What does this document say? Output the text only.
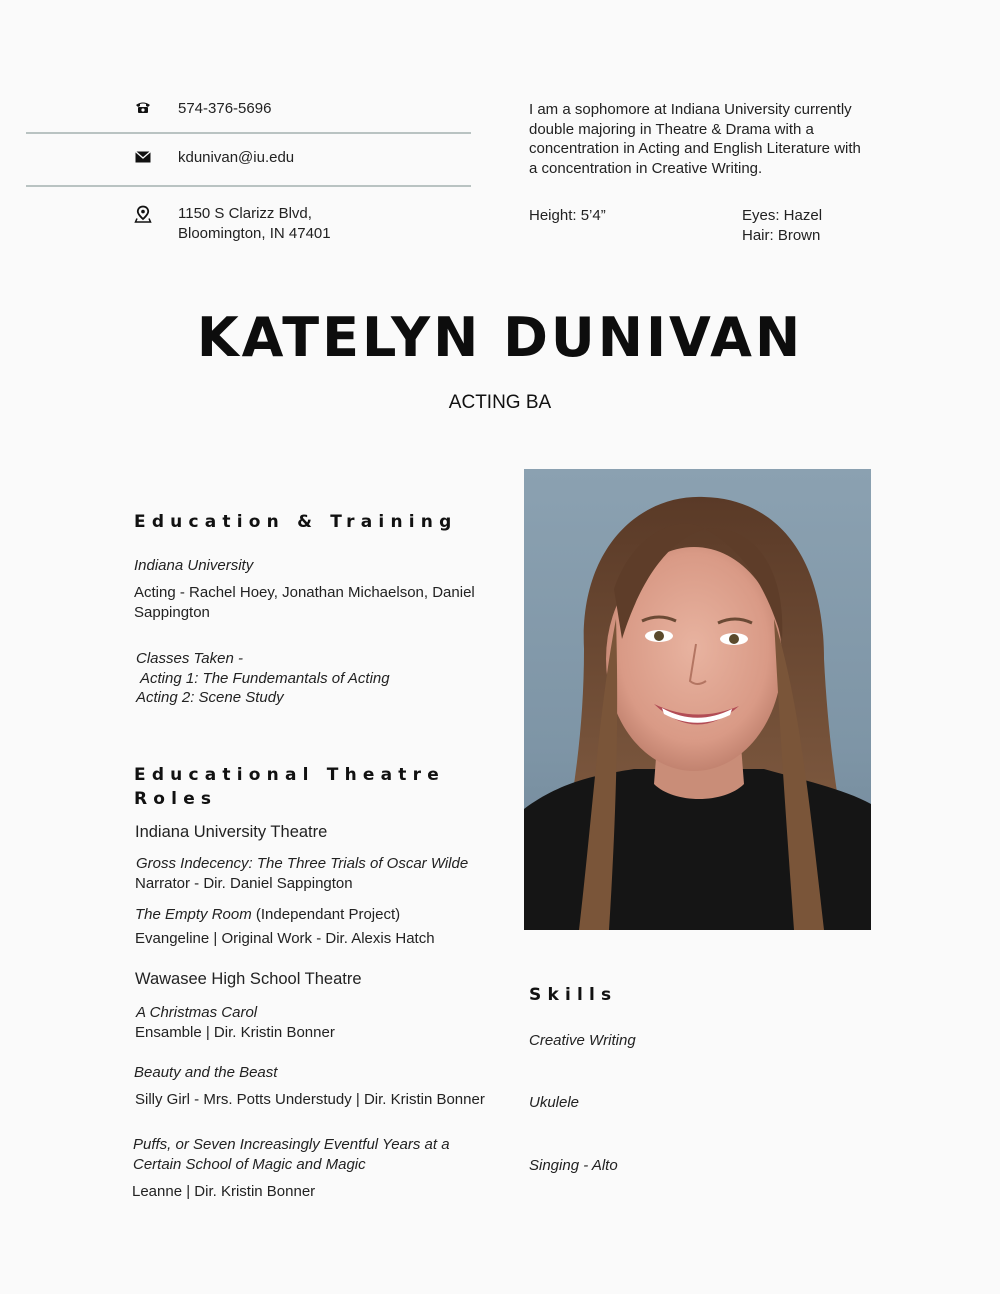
574-376-5696
kdunivan@iu.edu
1150 S Clarizz Blvd,
Bloomington, IN 47401
I am a sophomore at Indiana University currently
double majoring in Theatre & Drama with a
concentration in Acting and English Literature with
a concentration in Creative Writing.
Height: 5’4”	Eyes: Hazel
Hair: Brown
KATELYN DUNIVAN
ACTING BA
Education & Training
Indiana University
Acting - Rachel Hoey, Jonathan Michaelson, Daniel
Sappington
Classes Taken -
Acting 1: The Fundemantals of Acting
Acting 2: Scene Study
Educational Theatre
Roles
Indiana University Theatre
Gross Indecency: The Three Trials of Oscar Wilde
Narrator - Dir. Daniel Sappington
The Empty Room (Independant Project)
Evangeline | Original Work - Dir. Alexis Hatch
Wawasee High School Theatre
A Christmas Carol
Ensamble | Dir. Kristin Bonner
Beauty and the Beast
Silly Girl - Mrs. Potts Understudy | Dir. Kristin Bonner
Puffs, or Seven Increasingly Eventful Years at a
Certain School of Magic and Magic
Leanne | Dir. Kristin Bonner
Skills
Creative Writing
Ukulele
Singing - Alto
